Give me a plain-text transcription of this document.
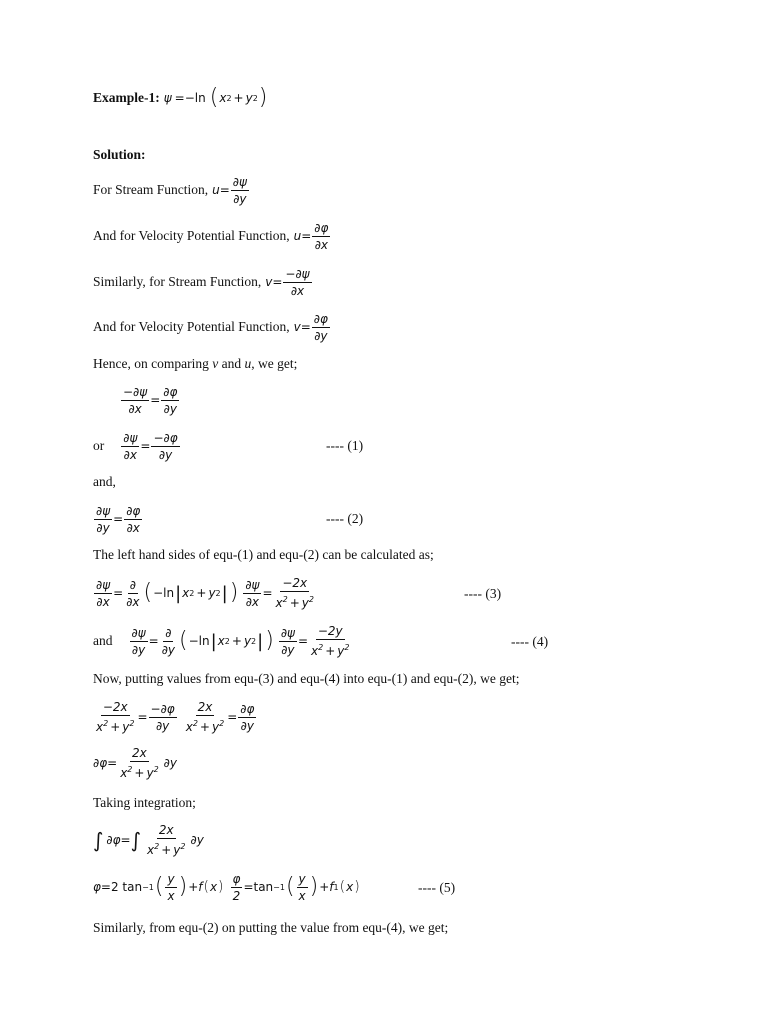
Example-1: ψ =−ln ( x 2 + y 2 )
Solution:
For Stream Function, $u = \frac{\partial\psi}{\partial y}$
And for Velocity Potential Function, $u = \frac{\partial\varphi}{\partial x}$
Similarly, for Stream Function, $v = \frac{-\partial\psi}{\partial x}$
And for Velocity Potential Function, $v = \frac{\partial\varphi}{\partial y}$
Hence, on comparing v and u, we get;
$\frac{-\partial\psi}{\partial x} = \frac{\partial\varphi}{\partial y}$
or $\frac{\partial\psi}{\partial x} = \frac{-\partial\varphi}{\partial y}$	---- (1)
and,
$\frac{\partial\psi}{\partial y} = \frac{\partial\varphi}{\partial x}$	---- (2)
The left hand sides of equ-(1) and equ-(2) can be calculated as;
$\frac{\partial\psi}{\partial x}$ =
∂
∂x ( −ln | x 2 + y 2 | ) $\frac{\partial\psi}{\partial x} = \frac{-2x}{x^2 + y^2}$	---- (3)
and $\frac{\partial\psi}{\partial y}$ =
∂
∂y ( −ln | x 2 + y 2 | ) $\frac{\partial\psi}{\partial y} = \frac{-2y}{x^2 + y^2}$	---- (4)
Now, putting values from equ-(3) and equ-(4) into equ-(1) and equ-(2), we get;
$\frac{-2x}{x^2 + y^2} = \frac{-\partial\varphi}{\partial y} \frac{2x}{x^2 + y^2} = \frac{\partial\varphi}{\partial y}$
$\partial\varphi = \frac{2x}{x^2 + y^2} \partial y$
Taking integration;
∫ ∂φ = ∫ 2x
$x^2 + y^2$ ∂y
φ =2 tan −1 ( y
x ) +f ( x ) $\frac{\varphi}{2} =\tan -1$ ( y
x ) +f 1 ( x )	---- (5)
Similarly, from equ-(2) on putting the value from equ-(4), we get;
